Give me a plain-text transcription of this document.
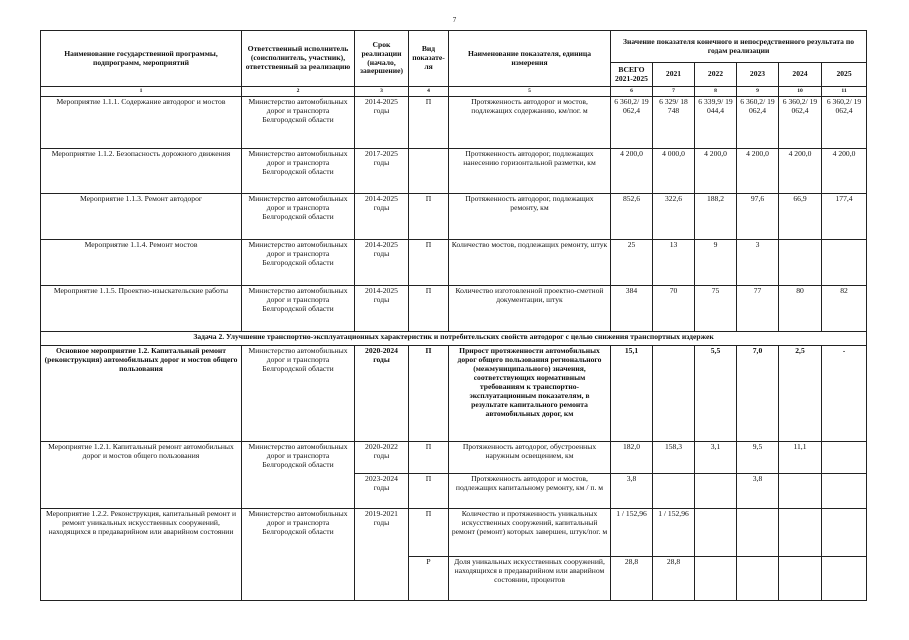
7
Наименование государственной программы, подпрограмм, мероприятий	Ответственный исполнитель (соисполнитель, участник), ответственный за реализацию	Срок реализации (начало, завершение)	Вид показате-ля	Наименование показателя, единица измерения	Значение показателя конечного и непосредственного результата по годам реализации					
					ВСЕГО 2021-2025	2021	2022	2023	2024	2025
1	2	3	4	5	6	7	8	9	10	11
Мероприятие 1.1.1. Содержание автодорог и мостов	Министерство автомобильных дорог и транспорта Белгородской области	2014-2025 годы	П	Протяженность автодорог и мостов, подлежащих содержанию, км/пог. м	6 360,2/ 19 062,4	6 329/ 18 748	6 339,9/ 19 044,4	6 360,2/ 19 062,4	6 360,2/ 19 062,4	6 360,2/ 19 062,4
Мероприятие 1.1.2. Безопасность дорожного движения	Министерство автомобильных дорог и транспорта Белгородской области	2017-2025 годы		Протяженность автодорог, подлежащих нанесению горизонтальной разметки, км	4 200,0	4 000,0	4 200,0	4 200,0	4 200,0	4 200,0
Мероприятие 1.1.3. Ремонт автодорог	Министерство автомобильных дорог и транспорта Белгородской области	2014-2025 годы	П	Протяженность автодорог, подлежащих ремонту, км	852,6	322,6	188,2	97,6	66,9	177,4
Мероприятие 1.1.4. Ремонт мостов	Министерство автомобильных дорог и транспорта Белгородской области	2014-2025 годы	П	Количество мостов, подлежащих ремонту, штук	25	13	9	3		
Мероприятие 1.1.5. Проектно-изыскательские работы	Министерство автомобильных дорог и транспорта Белгородской области	2014-2025 годы	П	Количество изготовленной проектно-сметной документации, штук	384	70	75	77	80	82
Задача 2. Улучшение транспортно-эксплуатационных характеристик и потребительских свойств автодорог с целью снижения транспортных издержек										
Основное мероприятие 1.2. Капитальный ремонт (реконструкция) автомобильных дорог и мостов общего пользования	Министерство автомобильных дорог и транспорта Белгородской области	2020-2024 годы	П	Прирост протяженности автомобильных дорог общего пользования регионального (межмуниципального) значения, соответствующих нормативным требованиям к транспортно-эксплуатационным показателям, в результате капитального ремонта автомобильных дорог, км	15,1		5,5	7,0	2,5	-
Мероприятие 1.2.1. Капитальный ремонт автомобильных дорог и мостов общего пользования	Министерство автомобильных дорог и транспорта Белгородской области	2020-2022 годы	П	Протяженность автодорог, обустроенных наружным освещением, км	182,0	158,3	3,1	9,5	11,1	
		2023-2024 годы	П	Протяженность автодорог и мостов, подлежащих капитальному ремонту, км / п. м	3,8			3,8		
Мероприятие 1.2.2. Реконструкция, капитальный ремонт и ремонт уникальных искусственных сооружений, находящихся в предаварийном или аварийном состоянии	Министерство автомобильных дорог и транспорта Белгородской области	2019-2021 годы	П	Количество и протяженность уникальных искусственных сооружений, капитальный ремонт (ремонт) которых завершен, штук/пог. м	1 / 152,96	1 / 152,96				
			Р	Доля уникальных искусственных сооружений, находящихся в предаварийном или аварийном состоянии, процентов	28,8	28,8				
